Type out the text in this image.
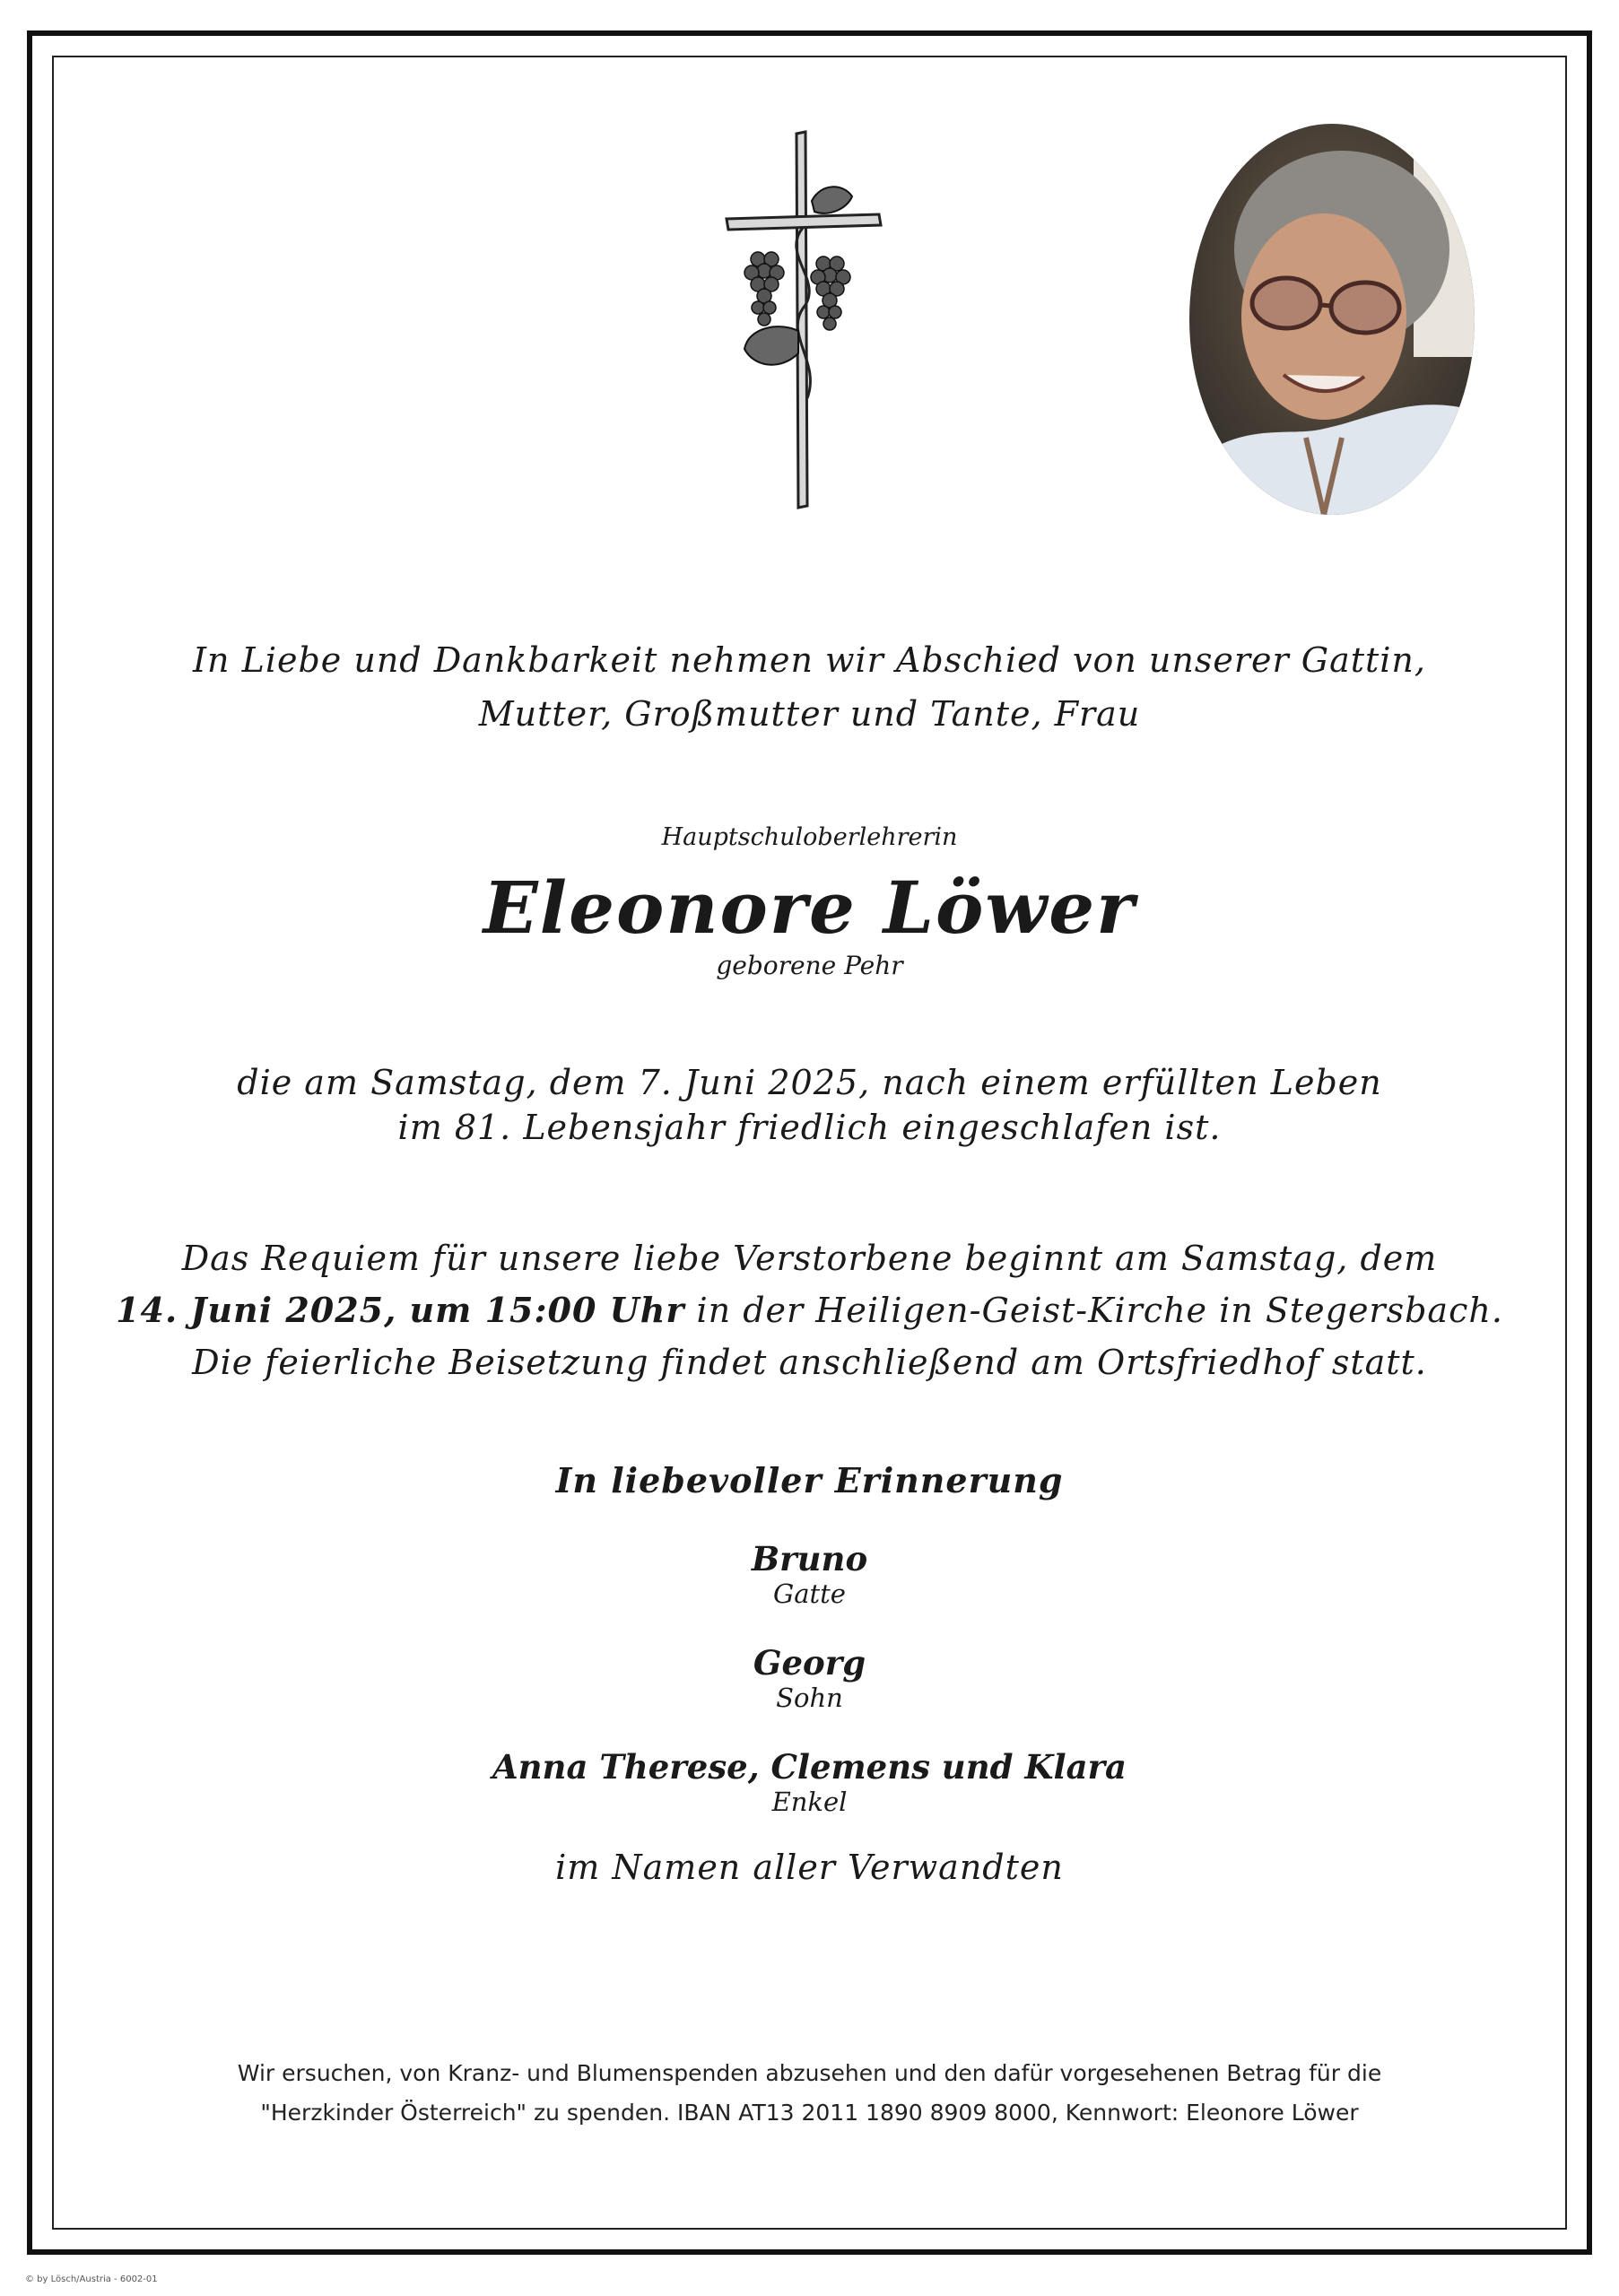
In Liebe und Dankbarkeit nehmen wir Abschied von unserer Gattin,
Mutter, Großmutter und Tante, Frau
Hauptschuloberlehrerin
Eleonore Löwer
geborene Pehr
die am Samstag, dem 7. Juni 2025, nach einem erfüllten Leben
im 81. Lebensjahr friedlich eingeschlafen ist.
Das Requiem für unsere liebe Verstorbene beginnt am Samstag, dem
14. Juni 2025, um 15:00 Uhr in der Heiligen-Geist-Kirche in Stegersbach.
Die feierliche Beisetzung findet anschließend am Ortsfriedhof statt.
In liebevoller Erinnerung
Bruno
Gatte
Georg
Sohn
Anna Therese, Clemens und Klara
Enkel
im Namen aller Verwandten
Wir ersuchen, von Kranz- und Blumenspenden abzusehen und den dafür vorgesehenen Betrag für die
"Herzkinder Österreich" zu spenden. IBAN AT13 2011 1890 8909 8000, Kennwort: Eleonore Löwer
© by Lösch/Austria - 6002-01
